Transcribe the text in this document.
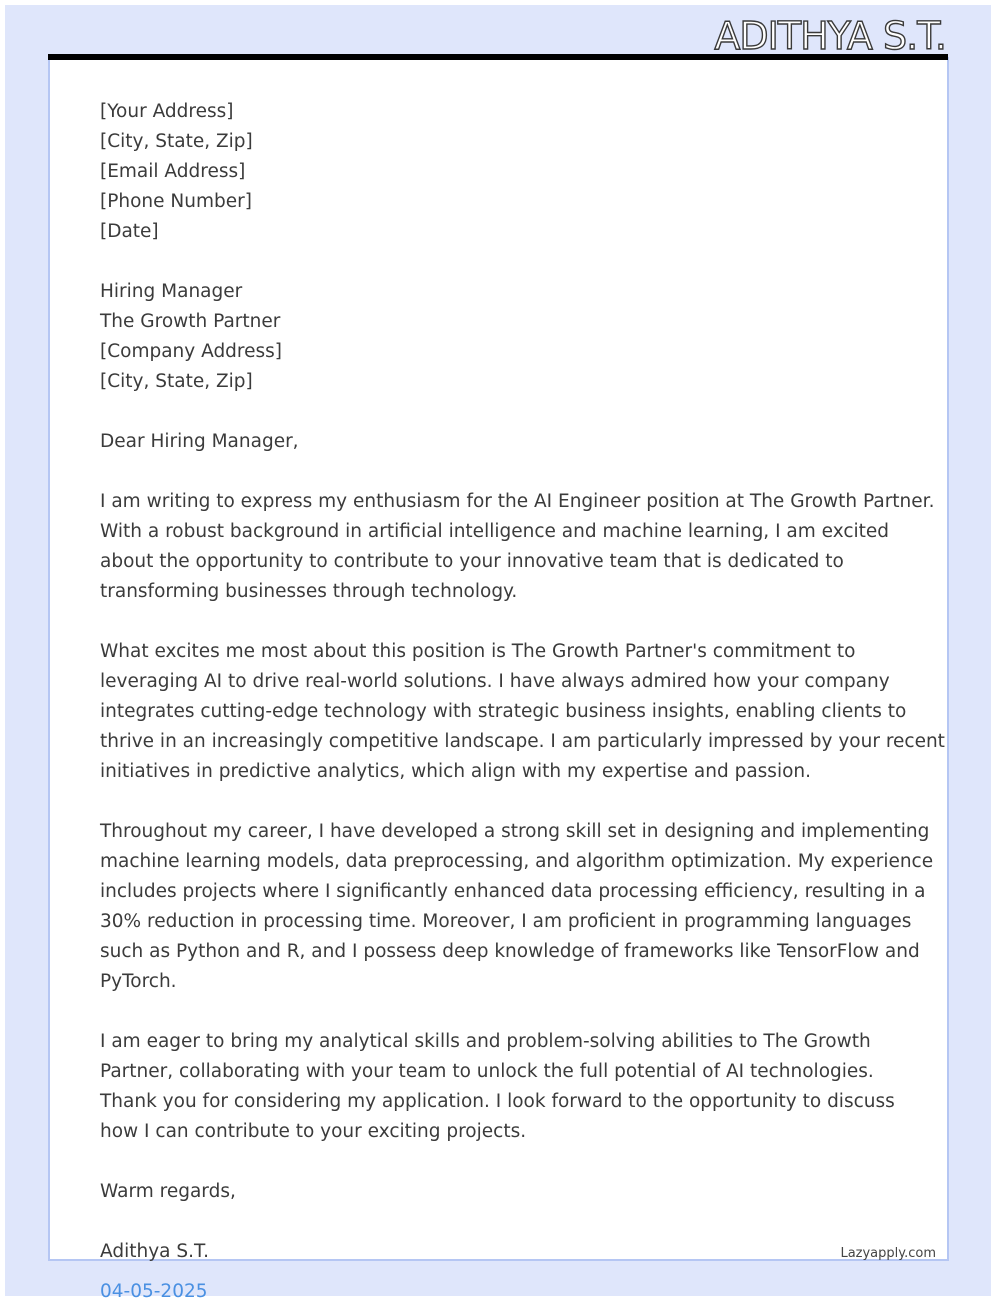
ADITHYA S.T.
[Your Address]
[City, State, Zip]
[Email Address]
[Phone Number]
[Date]
Hiring Manager
The Growth Partner
[Company Address]
[City, State, Zip]
Dear Hiring Manager,
I am writing to express my enthusiasm for the AI Engineer position at The Growth Partner.
With a robust background in artificial intelligence and machine learning, I am excited
about the opportunity to contribute to your innovative team that is dedicated to
transforming businesses through technology.
What excites me most about this position is The Growth Partner's commitment to
leveraging AI to drive real-world solutions. I have always admired how your company
integrates cutting-edge technology with strategic business insights, enabling clients to
thrive in an increasingly competitive landscape. I am particularly impressed by your recent
initiatives in predictive analytics, which align with my expertise and passion.
Throughout my career, I have developed a strong skill set in designing and implementing
machine learning models, data preprocessing, and algorithm optimization. My experience
includes projects where I significantly enhanced data processing efficiency, resulting in a
30% reduction in processing time. Moreover, I am proficient in programming languages
such as Python and R, and I possess deep knowledge of frameworks like TensorFlow and
PyTorch.
I am eager to bring my analytical skills and problem-solving abilities to The Growth
Partner, collaborating with your team to unlock the full potential of AI technologies.
Thank you for considering my application. I look forward to the opportunity to discuss
how I can contribute to your exciting projects.
Warm regards,
Adithya S.T.
04-05-2025
Lazyapply.com
